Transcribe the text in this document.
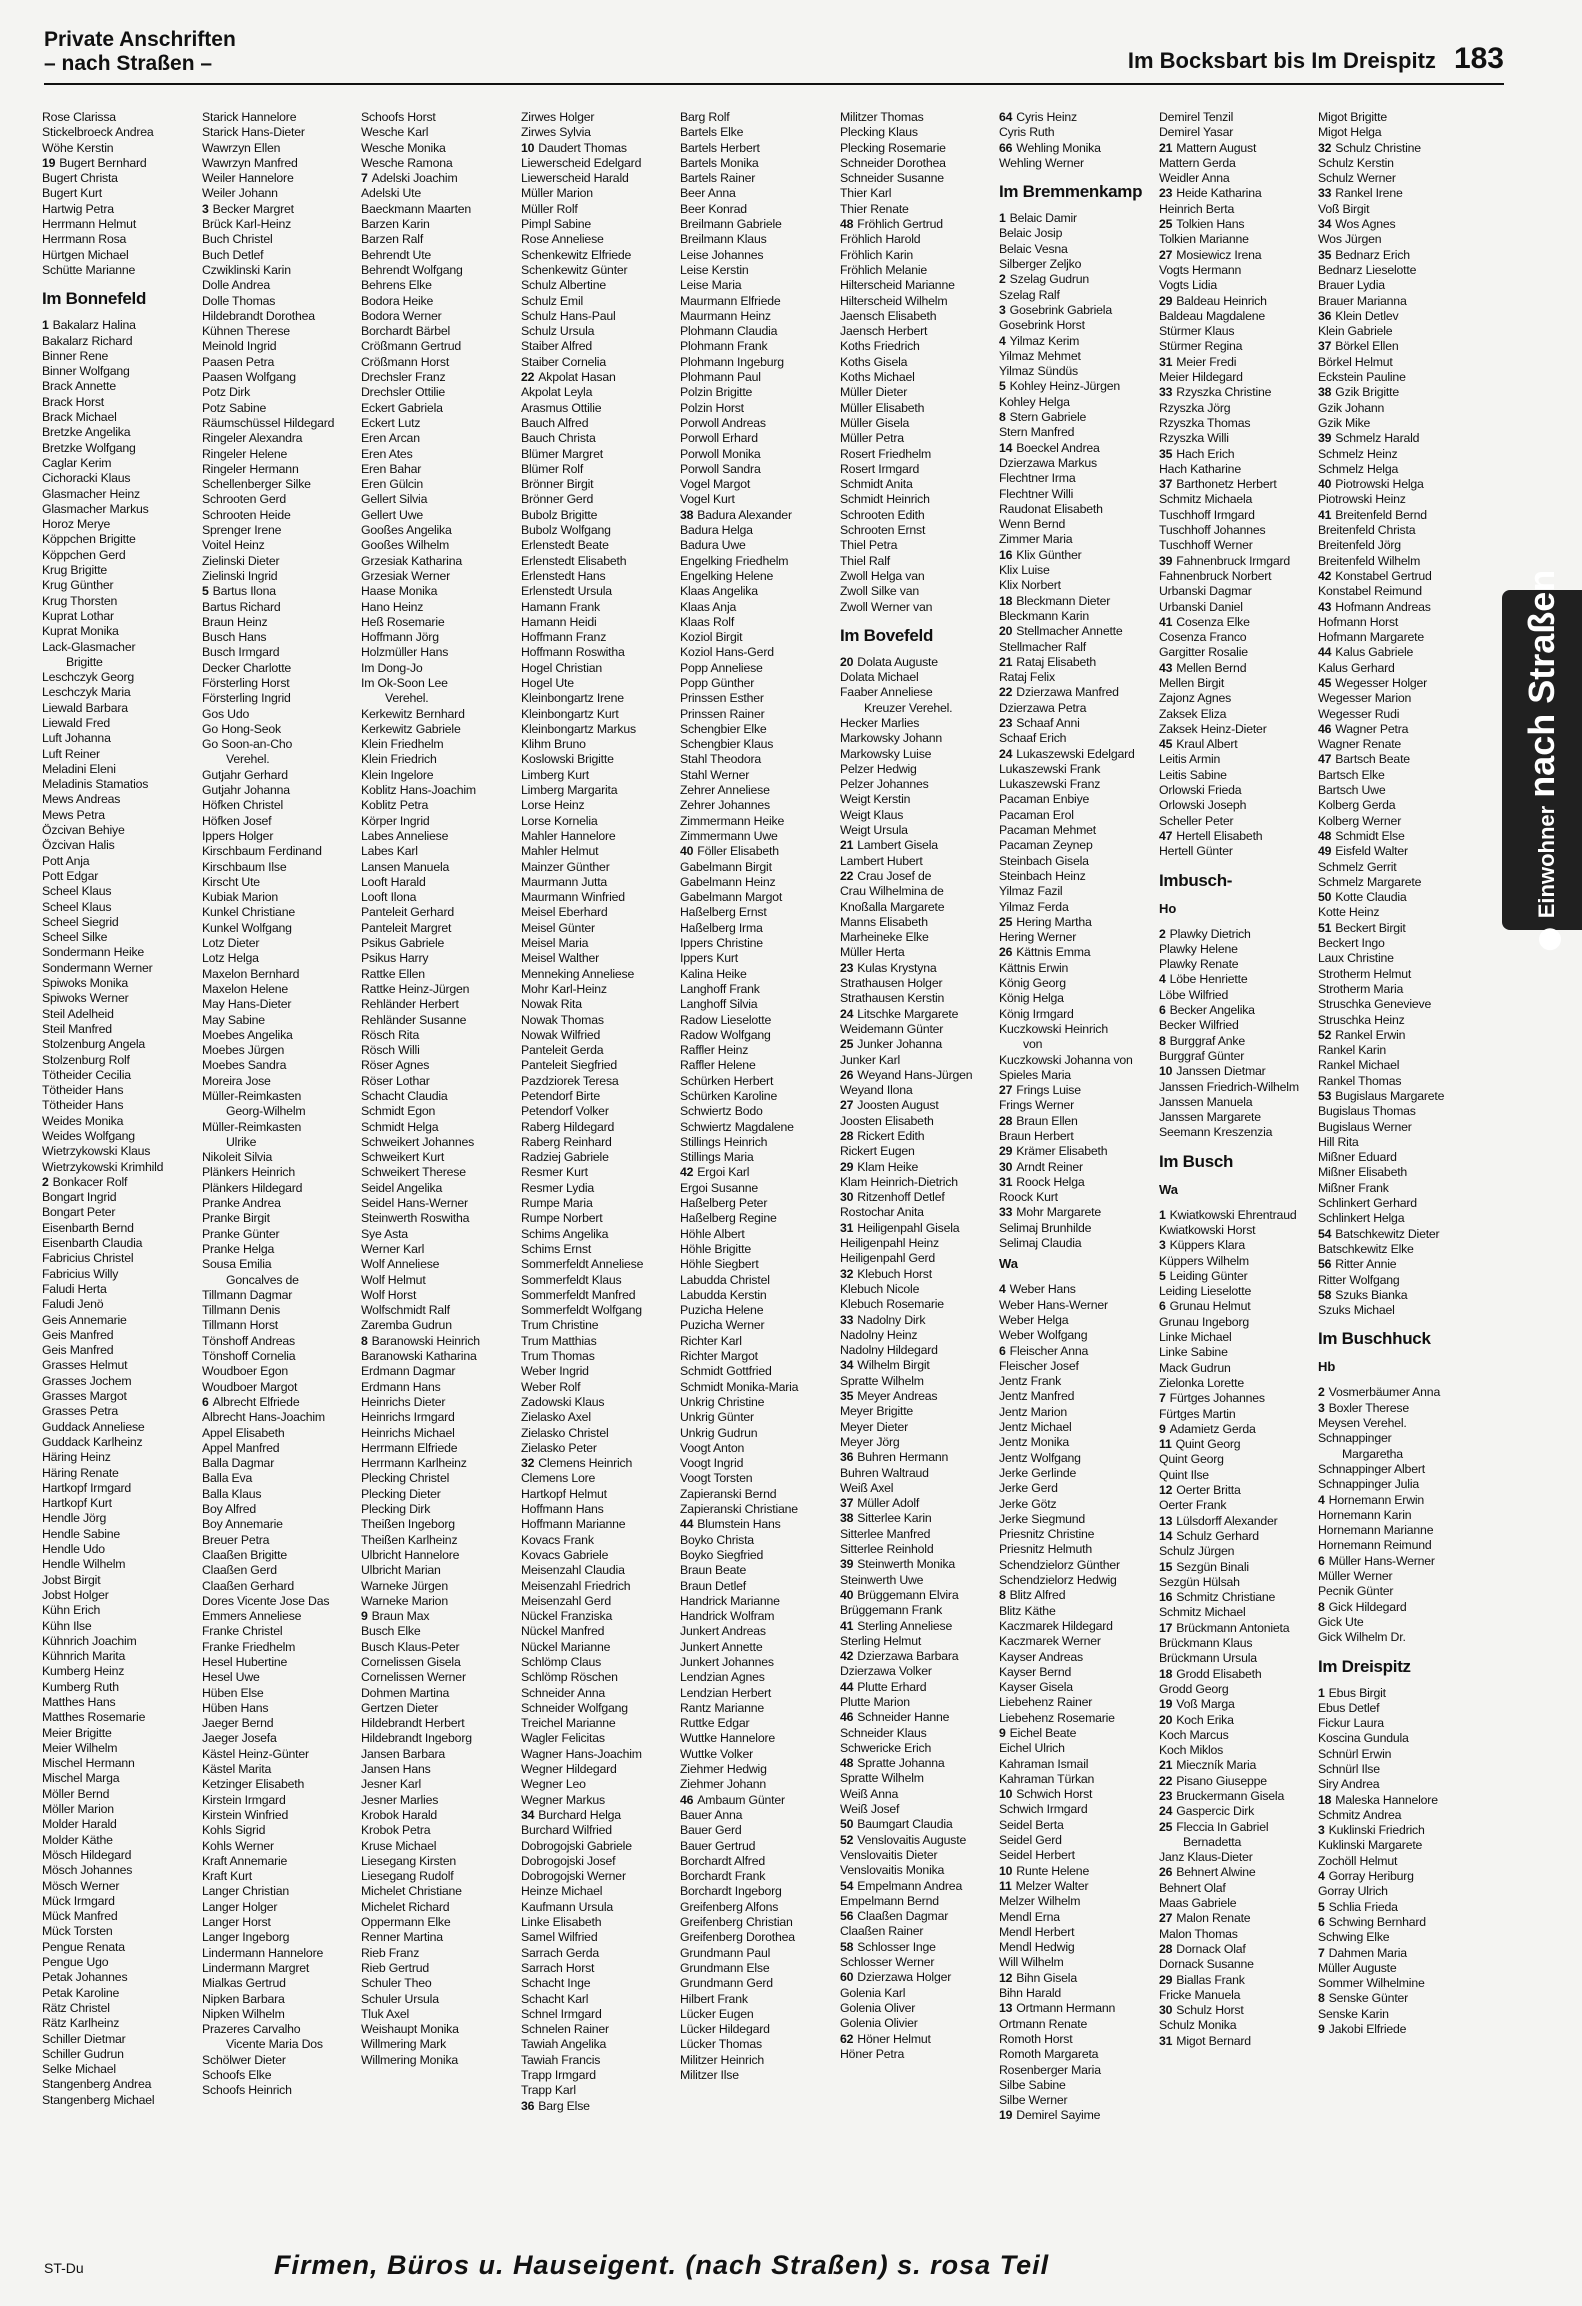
Private Anschriften
– nach Straßen –	Im Bocksbart bis Im Dreispitz 183
Rose Clarissa
Stickelbroeck Andrea
Wöhe Kerstin
19 Bugert Bernhard
Bugert Christa
Bugert Kurt
Hartwig Petra
Herrmann Helmut
Herrmann Rosa
Hürtgen Michael
Schütte Marianne
Im Bonnefeld
1 Bakalarz Halina
Bakalarz Richard
Binner Rene
Binner Wolfgang
Brack Annette
Brack Horst
Brack Michael
Bretzke Angelika
Bretzke Wolfgang
Caglar Kerim
Cichoracki Klaus
Glasmacher Heinz
Glasmacher Markus
Horoz Merye
Köppchen Brigitte
Köppchen Gerd
Krug Brigitte
Krug Günther
Krug Thorsten
Kuprat Lothar
Kuprat Monika
Lack-Glasmacher
Brigitte
Leschczyk Georg
Leschczyk Maria
Liewald Barbara
Liewald Fred
Luft Johanna
Luft Reiner
Meladini Eleni
Meladinis Stamatios
Mews Andreas
Mews Petra
Özcivan Behiye
Özcivan Halis
Pott Anja
Pott Edgar
Scheel Klaus
Scheel Klaus
Scheel Siegrid
Scheel Silke
Sondermann Heike
Sondermann Werner
Spiwoks Monika
Spiwoks Werner
Steil Adelheid
Steil Manfred
Stolzenburg Angela
Stolzenburg Rolf
Tötheider Cecilia
Tötheider Hans
Tötheider Hans
Weides Monika
Weides Wolfgang
Wietrzykowski Klaus
Wietrzykowski Krimhild
2 Bonkacer Rolf
Bongart Ingrid
Bongart Peter
Eisenbarth Bernd
Eisenbarth Claudia
Fabricius Christel
Fabricius Willy
Faludi Herta
Faludi Jenö
Geis Annemarie
Geis Manfred
Geis Manfred
Grasses Helmut
Grasses Jochem
Grasses Margot
Grasses Petra
Guddack Anneliese
Guddack Karlheinz
Häring Heinz
Häring Renate
Hartkopf Irmgard
Hartkopf Kurt
Hendle Jörg
Hendle Sabine
Hendle Udo
Hendle Wilhelm
Jobst Birgit
Jobst Holger
Kühn Erich
Kühn Ilse
Kühnrich Joachim
Kühnrich Marita
Kumberg Heinz
Kumberg Ruth
Matthes Hans
Matthes Rosemarie
Meier Brigitte
Meier Wilhelm
Mischel Hermann
Mischel Marga
Möller Bernd
Möller Marion
Molder Harald
Molder Käthe
Mösch Hildegard
Mösch Johannes
Mösch Werner
Mück Irmgard
Mück Manfred
Mück Torsten
Pengue Renata
Pengue Ugo
Petak Johannes
Petak Karoline
Rätz Christel
Rätz Karlheinz
Schiller Dietmar
Schiller Gudrun
Selke Michael
Stangenberg Andrea
Stangenberg Michael
Starick Hannelore
Starick Hans-Dieter
Wawrzyn Ellen
Wawrzyn Manfred
Weiler Hannelore
Weiler Johann
3 Becker Margret
Brück Karl-Heinz
Buch Christel
Buch Detlef
Czwiklinski Karin
Dolle Andrea
Dolle Thomas
Hildebrandt Dorothea
Kühnen Therese
Meinold Ingrid
Paasen Petra
Paasen Wolfgang
Potz Dirk
Potz Sabine
Räumschüssel Hildegard
Ringeler Alexandra
Ringeler Helene
Ringeler Hermann
Schellenberger Silke
Schrooten Gerd
Schrooten Heide
Sprenger Irene
Voitel Heinz
Zielinski Dieter
Zielinski Ingrid
5 Bartus Ilona
Bartus Richard
Braun Heinz
Busch Hans
Busch Irmgard
Decker Charlotte
Försterling Horst
Försterling Ingrid
Gos Udo
Go Hong-Seok
Go Soon-an-Cho
Verehel.
Gutjahr Gerhard
Gutjahr Johanna
Höfken Christel
Höfken Josef
Ippers Holger
Kirschbaum Ferdinand
Kirschbaum Ilse
Kirscht Ute
Kubiak Marion
Kunkel Christiane
Kunkel Wolfgang
Lotz Dieter
Lotz Helga
Maxelon Bernhard
Maxelon Helene
May Hans-Dieter
May Sabine
Moebes Angelika
Moebes Jürgen
Moebes Sandra
Moreira Jose
Müller-Reimkasten
Georg-Wilhelm
Müller-Reimkasten
Ulrike
Nikoleit Silvia
Plänkers Heinrich
Plänkers Hildegard
Pranke Andrea
Pranke Birgit
Pranke Günter
Pranke Helga
Sousa Emilia
Goncalves de
Tillmann Dagmar
Tillmann Denis
Tillmann Horst
Tönshoff Andreas
Tönshoff Cornelia
Woudboer Egon
Woudboer Margot
6 Albrecht Elfriede
Albrecht Hans-Joachim
Appel Elisabeth
Appel Manfred
Balla Dagmar
Balla Eva
Balla Klaus
Boy Alfred
Boy Annemarie
Breuer Petra
Claaßen Brigitte
Claaßen Gerd
Claaßen Gerhard
Dores Vicente Jose Das
Emmers Anneliese
Franke Christel
Franke Friedhelm
Hesel Hubertine
Hesel Uwe
Hüben Else
Hüben Hans
Jaeger Bernd
Jaeger Josefa
Kästel Heinz-Günter
Kästel Marita
Ketzinger Elisabeth
Kirstein Irmgard
Kirstein Winfried
Kohls Sigrid
Kohls Werner
Kraft Annemarie
Kraft Kurt
Langer Christian
Langer Holger
Langer Horst
Langer Ingeborg
Lindermann Hannelore
Lindermann Margret
Mialkas Gertrud
Nipken Barbara
Nipken Wilhelm
Prazeres Carvalho
Vicente Maria Dos
Schölwer Dieter
Schoofs Elke
Schoofs Heinrich
Schoofs Horst
Wesche Karl
Wesche Monika
Wesche Ramona
7 Adelski Joachim
Adelski Ute
Baeckmann Maarten
Barzen Karin
Barzen Ralf
Behrendt Ute
Behrendt Wolfgang
Behrens Elke
Bodora Heike
Bodora Werner
Borchardt Bärbel
Crößmann Gertrud
Crößmann Horst
Drechsler Franz
Drechsler Ottilie
Eckert Gabriela
Eckert Lutz
Eren Arcan
Eren Ates
Eren Bahar
Eren Gülcin
Gellert Silvia
Gellert Uwe
Gooßes Angelika
Gooßes Wilhelm
Grzesiak Katharina
Grzesiak Werner
Haase Monika
Hano Heinz
Heß Rosemarie
Hoffmann Jörg
Holzmüller Hans
Im Dong-Jo
Im Ok-Soon Lee
Verehel.
Kerkewitz Bernhard
Kerkewitz Gabriele
Klein Friedhelm
Klein Friedrich
Klein Ingelore
Koblitz Hans-Joachim
Koblitz Petra
Körper Ingrid
Labes Anneliese
Labes Karl
Lansen Manuela
Looft Harald
Looft Ilona
Panteleit Gerhard
Panteleit Margret
Psikus Gabriele
Psikus Harry
Rattke Ellen
Rattke Heinz-Jürgen
Rehländer Herbert
Rehländer Susanne
Rösch Rita
Rösch Willi
Röser Agnes
Röser Lothar
Schacht Claudia
Schmidt Egon
Schmidt Helga
Schweikert Johannes
Schweikert Kurt
Schweikert Therese
Seidel Angelika
Seidel Hans-Werner
Steinwerth Roswitha
Sye Asta
Werner Karl
Wolf Anneliese
Wolf Helmut
Wolf Horst
Wolfschmidt Ralf
Zaremba Gudrun
8 Baranowski Heinrich
Baranowski Katharina
Erdmann Dagmar
Erdmann Hans
Heinrichs Dieter
Heinrichs Irmgard
Heinrichs Michael
Herrmann Elfriede
Herrmann Karlheinz
Plecking Christel
Plecking Dieter
Plecking Dirk
Theißen Ingeborg
Theißen Karlheinz
Ulbricht Hannelore
Ulbricht Marian
Warneke Jürgen
Warneke Marion
9 Braun Max
Busch Elke
Busch Klaus-Peter
Cornelissen Gisela
Cornelissen Werner
Dohmen Martina
Gertzen Dieter
Hildebrandt Herbert
Hildebrandt Ingeborg
Jansen Barbara
Jansen Hans
Jesner Karl
Jesner Marlies
Krobok Harald
Krobok Petra
Kruse Michael
Liesegang Kirsten
Liesegang Rudolf
Michelet Christiane
Michelet Richard
Oppermann Elke
Renner Martina
Rieb Franz
Rieb Gertrud
Schuler Theo
Schuler Ursula
Tluk Axel
Weishaupt Monika
Willmering Mark
Willmering Monika
Zirwes Holger
Zirwes Sylvia
10 Daudert Thomas
Liewerscheid Edelgard
Liewerscheid Harald
Müller Marion
Müller Rolf
Pimpl Sabine
Rose Anneliese
Schenkewitz Elfriede
Schenkewitz Günter
Schulz Albertine
Schulz Emil
Schulz Hans-Paul
Schulz Ursula
Staiber Alfred
Staiber Cornelia
22 Akpolat Hasan
Akpolat Leyla
Arasmus Ottilie
Bauch Alfred
Bauch Christa
Blümer Margret
Blümer Rolf
Brönner Birgit
Brönner Gerd
Bubolz Brigitte
Bubolz Wolfgang
Erlenstedt Beate
Erlenstedt Elisabeth
Erlenstedt Hans
Erlenstedt Ursula
Hamann Frank
Hamann Heidi
Hoffmann Franz
Hoffmann Roswitha
Hogel Christian
Hogel Ute
Kleinbongartz Irene
Kleinbongartz Kurt
Kleinbongartz Markus
Klihm Bruno
Koslowski Brigitte
Limberg Kurt
Limberg Margarita
Lorse Heinz
Lorse Kornelia
Mahler Hannelore
Mahler Helmut
Mainzer Günther
Maurmann Jutta
Maurmann Winfried
Meisel Eberhard
Meisel Günter
Meisel Maria
Meisel Walther
Menneking Anneliese
Mohr Karl-Heinz
Nowak Rita
Nowak Thomas
Nowak Wilfried
Panteleit Gerda
Panteleit Siegfried
Pazdziorek Teresa
Petendorf Birte
Petendorf Volker
Raberg Hildegard
Raberg Reinhard
Radziej Gabriele
Resmer Kurt
Resmer Lydia
Rumpe Maria
Rumpe Norbert
Schims Angelika
Schims Ernst
Sommerfeldt Anneliese
Sommerfeldt Klaus
Sommerfeldt Manfred
Sommerfeldt Wolfgang
Trum Christine
Trum Matthias
Trum Thomas
Weber Ingrid
Weber Rolf
Zadowski Klaus
Zielasko Axel
Zielasko Christel
Zielasko Peter
32 Clemens Heinrich
Clemens Lore
Hartkopf Helmut
Hoffmann Hans
Hoffmann Marianne
Kovacs Frank
Kovacs Gabriele
Meisenzahl Claudia
Meisenzahl Friedrich
Meisenzahl Gerd
Nückel Franziska
Nückel Manfred
Nückel Marianne
Schlömp Claus
Schlömp Röschen
Schneider Anna
Schneider Wolfgang
Treichel Marianne
Wagler Felicitas
Wagner Hans-Joachim
Wegner Hildegard
Wegner Leo
Wegner Markus
34 Burchard Helga
Burchard Wilfried
Dobrogojski Gabriele
Dobrogojski Josef
Dobrogojski Werner
Heinze Michael
Kaufmann Ursula
Linke Elisabeth
Samel Wilfried
Sarrach Gerda
Sarrach Horst
Schacht Inge
Schacht Karl
Schnel Irmgard
Schnelen Rainer
Tawiah Angelika
Tawiah Francis
Trapp Irmgard
Trapp Karl
36 Barg Else
Barg Rolf
Bartels Elke
Bartels Herbert
Bartels Monika
Bartels Rainer
Beer Anna
Beer Konrad
Breilmann Gabriele
Breilmann Klaus
Leise Johannes
Leise Kerstin
Leise Maria
Maurmann Elfriede
Maurmann Heinz
Plohmann Claudia
Plohmann Frank
Plohmann Ingeburg
Plohmann Paul
Polzin Brigitte
Polzin Horst
Porwoll Andreas
Porwoll Erhard
Porwoll Monika
Porwoll Sandra
Vogel Margot
Vogel Kurt
38 Badura Alexander
Badura Helga
Badura Uwe
Engelking Friedhelm
Engelking Helene
Klaas Angelika
Klaas Anja
Klaas Rolf
Koziol Birgit
Koziol Hans-Gerd
Popp Anneliese
Popp Günther
Prinssen Esther
Prinssen Rainer
Schengbier Elke
Schengbier Klaus
Stahl Theodora
Stahl Werner
Zehrer Anneliese
Zehrer Johannes
Zimmermann Heike
Zimmermann Uwe
40 Föller Elisabeth
Gabelmann Birgit
Gabelmann Heinz
Gabelmann Margot
Haßelberg Ernst
Haßelberg Irma
Ippers Christine
Ippers Kurt
Kalina Heike
Langhoff Frank
Langhoff Silvia
Radow Lieselotte
Radow Wolfgang
Raffler Heinz
Raffler Helene
Schürken Herbert
Schürken Karoline
Schwiertz Bodo
Schwiertz Magdalene
Stillings Heinrich
Stillings Maria
42 Ergoi Karl
Ergoi Susanne
Haßelberg Peter
Haßelberg Regine
Höhle Albert
Höhle Brigitte
Höhle Siegbert
Labudda Christel
Labudda Kerstin
Puzicha Helene
Puzicha Werner
Richter Karl
Richter Margot
Schmidt Gottfried
Schmidt Monika-Maria
Unkrig Christine
Unkrig Günter
Unkrig Gudrun
Voogt Anton
Voogt Ingrid
Voogt Torsten
Zapieranski Bernd
Zapieranski Christiane
44 Blumstein Hans
Boyko Christa
Boyko Siegfried
Braun Beate
Braun Detlef
Handrick Marianne
Handrick Wolfram
Junkert Andreas
Junkert Annette
Junkert Johannes
Lendzian Agnes
Lendzian Herbert
Rantz Marianne
Ruttke Edgar
Wuttke Hannelore
Wuttke Volker
Ziehmer Hedwig
Ziehmer Johann
46 Ambaum Günter
Bauer Anna
Bauer Gerd
Bauer Gertrud
Borchardt Alfred
Borchardt Frank
Borchardt Ingeborg
Greifenberg Alfons
Greifenberg Christian
Greifenberg Dorothea
Grundmann Paul
Grundmann Else
Grundmann Gerd
Hilbert Frank
Lücker Eugen
Lücker Hildegard
Lücker Thomas
Militzer Heinrich
Militzer Ilse
Militzer Thomas
Plecking Klaus
Plecking Rosemarie
Schneider Dorothea
Schneider Susanne
Thier Karl
Thier Renate
48 Fröhlich Gertrud
Fröhlich Harold
Fröhlich Karin
Fröhlich Melanie
Hilterscheid Marianne
Hilterscheid Wilhelm
Jaensch Elisabeth
Jaensch Herbert
Koths Friedrich
Koths Gisela
Koths Michael
Müller Dieter
Müller Elisabeth
Müller Gisela
Müller Petra
Rosert Friedhelm
Rosert Irmgard
Schmidt Anita
Schmidt Heinrich
Schrooten Edith
Schrooten Ernst
Thiel Petra
Thiel Ralf
Zwoll Helga van
Zwoll Silke van
Zwoll Werner van
Im Bovefeld
20 Dolata Auguste
Dolata Michael
Faaber Anneliese
Kreuzer Verehel.
Hecker Marlies
Markowsky Johann
Markowsky Luise
Pelzer Hedwig
Pelzer Johannes
Weigt Kerstin
Weigt Klaus
Weigt Ursula
21 Lambert Gisela
Lambert Hubert
22 Crau Josef de
Crau Wilhelmina de
Knoßalla Margarete
Manns Elisabeth
Marheineke Elke
Müller Herta
23 Kulas Krystyna
Strathausen Holger
Strathausen Kerstin
24 Litschke Margarete
Weidemann Günter
25 Junker Johanna
Junker Karl
26 Weyand Hans-Jürgen
Weyand Ilona
27 Joosten August
Joosten Elisabeth
28 Rickert Edith
Rickert Eugen
29 Klam Heike
Klam Heinrich-Dietrich
30 Ritzenhoff Detlef
Rostochar Anita
31 Heiligenpahl Gisela
Heiligenpahl Heinz
Heiligenpahl Gerd
32 Klebuch Horst
Klebuch Nicole
Klebuch Rosemarie
33 Nadolny Dirk
Nadolny Heinz
Nadolny Hildegard
34 Wilhelm Birgit
Spratte Wilhelm
35 Meyer Andreas
Meyer Brigitte
Meyer Dieter
Meyer Jörg
36 Buhren Hermann
Buhren Waltraud
Weiß Axel
37 Müller Adolf
38 Sitterlee Karin
Sitterlee Manfred
Sitterlee Reinhold
39 Steinwerth Monika
Steinwerth Uwe
40 Brüggemann Elvira
Brüggemann Frank
41 Sterling Anneliese
Sterling Helmut
42 Dzierzawa Barbara
Dzierzawa Volker
44 Plutte Erhard
Plutte Marion
46 Schneider Hanne
Schneider Klaus
Schwericke Erich
48 Spratte Johanna
Spratte Wilhelm
Weiß Anna
Weiß Josef
50 Baumgart Claudia
52 Venslovaitis Auguste
Venslovaitis Dieter
Venslovaitis Monika
54 Empelmann Andrea
Empelmann Bernd
56 Claaßen Dagmar
Claaßen Rainer
58 Schlosser Inge
Schlosser Werner
60 Dzierzawa Holger
Golenia Karl
Golenia Oliver
Golenia Olivier
62 Höner Helmut
Höner Petra
64 Cyris Heinz
Cyris Ruth
66 Wehling Monika
Wehling Werner
Im Bremmenkamp
1 Belaic Damir
Belaic Josip
Belaic Vesna
Silberger Zeljko
2 Szelag Gudrun
Szelag Ralf
3 Gosebrink Gabriela
Gosebrink Horst
4 Yilmaz Kerim
Yilmaz Mehmet
Yilmaz Sündüs
5 Kohley Heinz-Jürgen
Kohley Helga
8 Stern Gabriele
Stern Manfred
14 Boeckel Andrea
Dzierzawa Markus
Flechtner Irma
Flechtner Willi
Raudonat Elisabeth
Wenn Bernd
Zimmer Maria
16 Klix Günther
Klix Luise
Klix Norbert
18 Bleckmann Dieter
Bleckmann Karin
20 Stellmacher Annette
Stellmacher Ralf
21 Rataj Elisabeth
Rataj Felix
22 Dzierzawa Manfred
Dzierzawa Petra
23 Schaaf Anni
Schaaf Erich
24 Lukaszewski Edelgard
Lukaszewski Frank
Lukaszewski Franz
Pacaman Enbiye
Pacaman Erol
Pacaman Mehmet
Pacaman Zeynep
Steinbach Gisela
Steinbach Heinz
Yilmaz Fazil
Yilmaz Ferda
25 Hering Martha
Hering Werner
26 Kättnis Emma
Kättnis Erwin
König Georg
König Helga
König Irmgard
Kuczkowski Heinrich
von
Kuczkowski Johanna von
Spieles Maria
27 Frings Luise
Frings Werner
28 Braun Ellen
Braun Herbert
29 Krämer Elisabeth
30 Arndt Reiner
31 Roock Helga
Roock Kurt
33 Mohr Margarete
Selimaj Brunhilde
Selimaj Claudia
Wa
4 Weber Hans
Weber Hans-Werner
Weber Helga
Weber Wolfgang
6 Fleischer Anna
Fleischer Josef
Jentz Frank
Jentz Manfred
Jentz Marion
Jentz Michael
Jentz Monika
Jentz Wolfgang
Jerke Gerlinde
Jerke Gerd
Jerke Götz
Jerke Siegmund
Priesnitz Christine
Priesnitz Helmuth
Schendzielorz Günther
Schendzielorz Hedwig
8 Blitz Alfred
Blitz Käthe
Kaczmarek Hildegard
Kaczmarek Werner
Kayser Andreas
Kayser Bernd
Kayser Gisela
Liebehenz Rainer
Liebehenz Rosemarie
9 Eichel Beate
Eichel Ulrich
Kahraman Ismail
Kahraman Türkan
10 Schwich Horst
Schwich Irmgard
Seidel Berta
Seidel Gerd
Seidel Herbert
10 Runte Helene
11 Melzer Walter
Melzer Wilhelm
Mendl Erna
Mendl Herbert
Mendl Hedwig
Will Wilhelm
12 Bihn Gisela
Bihn Harald
13 Ortmann Hermann
Ortmann Renate
Romoth Horst
Romoth Margareta
Rosenberger Maria
Silbe Sabine
Silbe Werner
19 Demirel Sayime
Demirel Tenzil
Demirel Yasar
21 Mattern August
Mattern Gerda
Weidler Anna
23 Heide Katharina
Heinrich Berta
25 Tolkien Hans
Tolkien Marianne
27 Mosiewicz Irena
Vogts Hermann
Vogts Lidia
29 Baldeau Heinrich
Baldeau Magdalene
Stürmer Klaus
Stürmer Regina
31 Meier Fredi
Meier Hildegard
33 Rzyszka Christine
Rzyszka Jörg
Rzyszka Thomas
Rzyszka Willi
35 Hach Erich
Hach Katharine
37 Barthonetz Herbert
Schmitz Michaela
Tuschhoff Irmgard
Tuschhoff Johannes
Tuschhoff Werner
39 Fahnenbruck Irmgard
Fahnenbruck Norbert
Urbanski Dagmar
Urbanski Daniel
41 Cosenza Elke
Cosenza Franco
Gargitter Rosalie
43 Mellen Bernd
Mellen Birgit
Zajonz Agnes
Zaksek Eliza
Zaksek Heinz-Dieter
45 Kraul Albert
Leitis Armin
Leitis Sabine
Orlowski Frieda
Orlowski Joseph
Scheller Peter
47 Hertell Elisabeth
Hertell Günter
Imbusch-
Ho
2 Plawky Dietrich
Plawky Helene
Plawky Renate
4 Löbe Henriette
Löbe Wilfried
6 Becker Angelika
Becker Wilfried
8 Burggraf Anke
Burggraf Günter
10 Janssen Dietmar
Janssen Friedrich-Wilhelm
Janssen Manuela
Janssen Margarete
Seemann Kreszenzia
Im Busch
Wa
1 Kwiatkowski Ehrentraud
Kwiatkowski Horst
3 Küppers Klara
Küppers Wilhelm
5 Leiding Günter
Leiding Lieselotte
6 Grunau Helmut
Grunau Ingeborg
Linke Michael
Linke Sabine
Mack Gudrun
Zielonka Lorette
7 Fürtges Johannes
Fürtges Martin
9 Adamietz Gerda
11 Quint Georg
Quint Georg
Quint Ilse
12 Oerter Britta
Oerter Frank
13 Lülsdorff Alexander
14 Schulz Gerhard
Schulz Jürgen
15 Sezgün Binali
Sezgün Hülsah
16 Schmitz Christiane
Schmitz Michael
17 Brückmann Antonieta
Brückmann Klaus
Brückmann Ursula
18 Grodd Elisabeth
Grodd Georg
19 Voß Marga
20 Koch Erika
Koch Marcus
Koch Miklos
21 Mieczník Maria
22 Pisano Giuseppe
23 Bruckermann Gisela
24 Gaspercic Dirk
25 Fleccia In Gabriel
Bernadetta
Janz Klaus-Dieter
26 Behnert Alwine
Behnert Olaf
Maas Gabriele
27 Malon Renate
Malon Thomas
28 Dornack Olaf
Dornack Susanne
29 Biallas Frank
Fricke Manuela
30 Schulz Horst
Schulz Monika
31 Migot Bernard
Migot Brigitte
Migot Helga
32 Schulz Christine
Schulz Kerstin
Schulz Werner
33 Rankel Irene
Voß Birgit
34 Wos Agnes
Wos Jürgen
35 Bednarz Erich
Bednarz Lieselotte
Brauer Lydia
Brauer Marianna
36 Klein Detlev
Klein Gabriele
37 Börkel Ellen
Börkel Helmut
Eckstein Pauline
38 Gzik Brigitte
Gzik Johann
Gzik Mike
39 Schmelz Harald
Schmelz Heinz
Schmelz Helga
40 Piotrowski Helga
Piotrowski Heinz
41 Breitenfeld Bernd
Breitenfeld Christa
Breitenfeld Jörg
Breitenfeld Wilhelm
42 Konstabel Gertrud
Konstabel Reimund
43 Hofmann Andreas
Hofmann Horst
Hofmann Margarete
44 Kalus Gabriele
Kalus Gerhard
45 Wegesser Holger
Wegesser Marion
Wegesser Rudi
46 Wagner Petra
Wagner Renate
47 Bartsch Beate
Bartsch Elke
Bartsch Uwe
Kolberg Gerda
Kolberg Werner
48 Schmidt Else
49 Eisfeld Walter
Schmelz Gerrit
Schmelz Margarete
50 Kotte Claudia
Kotte Heinz
51 Beckert Birgit
Beckert Ingo
Laux Christine
Strotherm Helmut
Strotherm Maria
Struschka Genevieve
Struschka Heinz
52 Rankel Erwin
Rankel Karin
Rankel Michael
Rankel Thomas
53 Bugislaus Margarete
Bugislaus Thomas
Bugislaus Werner
Hill Rita
Mißner Eduard
Mißner Elisabeth
Mißner Frank
Schlinkert Gerhard
Schlinkert Helga
54 Batschkewitz Dieter
Batschkewitz Elke
56 Ritter Annie
Ritter Wolfgang
58 Szuks Bianka
Szuks Michael
Im Buschhuck
Hb
2 Vosmerbäumer Anna
3 Boxler Therese
Meysen Verehel.
Schnappinger
Margaretha
Schnappinger Albert
Schnappinger Julia
4 Hornemann Erwin
Hornemann Karin
Hornemann Marianne
Hornemann Reimund
6 Müller Hans-Werner
Müller Werner
Pecnik Günter
8 Gick Hildegard
Gick Ute
Gick Wilhelm Dr.
Im Dreispitz
1 Ebus Birgit
Ebus Detlef
Fickur Laura
Koscina Gundula
Schnürl Erwin
Schnürl Ilse
Siry Andrea
18 Maleska Hannelore
Schmitz Andrea
3 Kuklinski Friedrich
Kuklinski Margarete
Zochöll Helmut
4 Gorray Heriburg
Gorray Ulrich
5 Schlia Frieda
6 Schwing Bernhard
Schwing Elke
7 Dahmen Maria
Müller Auguste
Sommer Wilhelmine
8 Senske Günter
Senske Karin
9 Jakobi Elfriede
Einwohnernach Straßen
ST-Du	Firmen, Büros u. Hauseigent. (nach Straßen) s. rosa Teil
